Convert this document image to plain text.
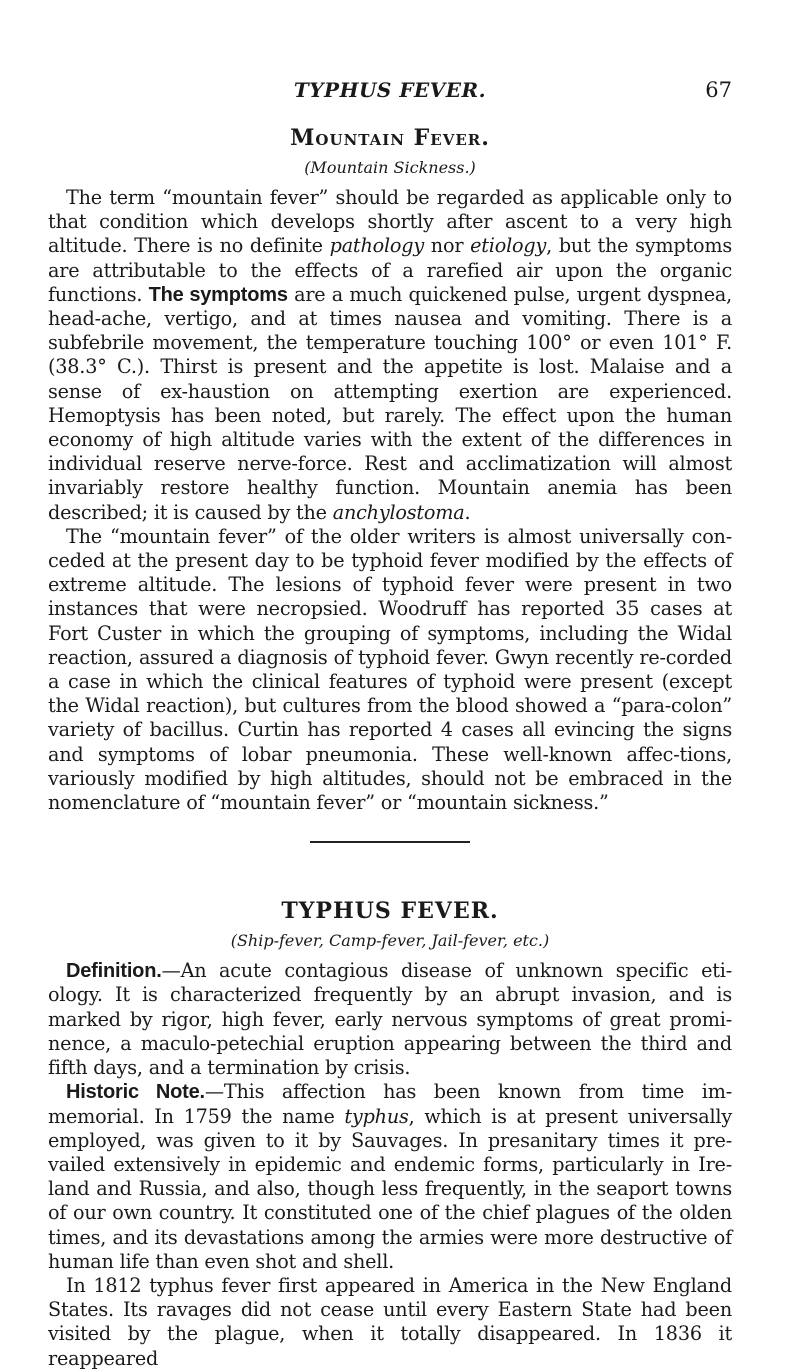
TYPHUS FEVER.	67
Mountain Fever.
(Mountain Sickness.)

The term “mountain fever” should be regarded as applicable only to that condition which develops shortly after ascent to a very high altitude. There is no definite pathology nor etiology, but the symptoms are attributable to the effects of a rarefied air upon the organic functions. The symptoms are a much quickened pulse, urgent dyspnea, head-ache, vertigo, and at times nausea and vomiting. There is a subfebrile movement, the temperature touching 100° or even 101° F. (38.3° C.). Thirst is present and the appetite is lost. Malaise and a sense of ex-haustion on attempting exertion are experienced. Hemoptysis has been noted, but rarely. The effect upon the human economy of high altitude varies with the extent of the differences in individual reserve nerve-force. Rest and acclimatization will almost invariably restore healthy function. Mountain anemia has been described; it is caused by the anchylostoma.

The “mountain fever” of the older writers is almost universally con-ceded at the present day to be typhoid fever modified by the effects of extreme altitude. The lesions of typhoid fever were present in two instances that were necropsied. Woodruff has reported 35 cases at Fort Custer in which the grouping of symptoms, including the Widal reaction, assured a diagnosis of typhoid fever. Gwyn recently re-corded a case in which the clinical features of typhoid were present (except the Widal reaction), but cultures from the blood showed a “para-colon” variety of bacillus. Curtin has reported 4 cases all evincing the signs and symptoms of lobar pneumonia. These well-known affec-tions, variously modified by high altitudes, should not be embraced in the nomenclature of “mountain fever” or “mountain sickness.”

TYPHUS FEVER.
(Ship-fever, Camp-fever, Jail-fever, etc.)

Definition.—An acute contagious disease of unknown specific eti-ology. It is characterized frequently by an abrupt invasion, and is marked by rigor, high fever, early nervous symptoms of great promi-nence, a maculo-petechial eruption appearing between the third and fifth days, and a termination by crisis.

Historic Note.—This affection has been known from time im-memorial. In 1759 the name typhus, which is at present universally employed, was given to it by Sauvages. In presanitary times it pre-vailed extensively in epidemic and endemic forms, particularly in Ire-land and Russia, and also, though less frequently, in the seaport towns of our own country. It constituted one of the chief plagues of the olden times, and its devastations among the armies were more destructive of human life than even shot and shell.

In 1812 typhus fever first appeared in America in the New England States. Its ravages did not cease until every Eastern State had been visited by the plague, when it totally disappeared. In 1836 it reappeared
